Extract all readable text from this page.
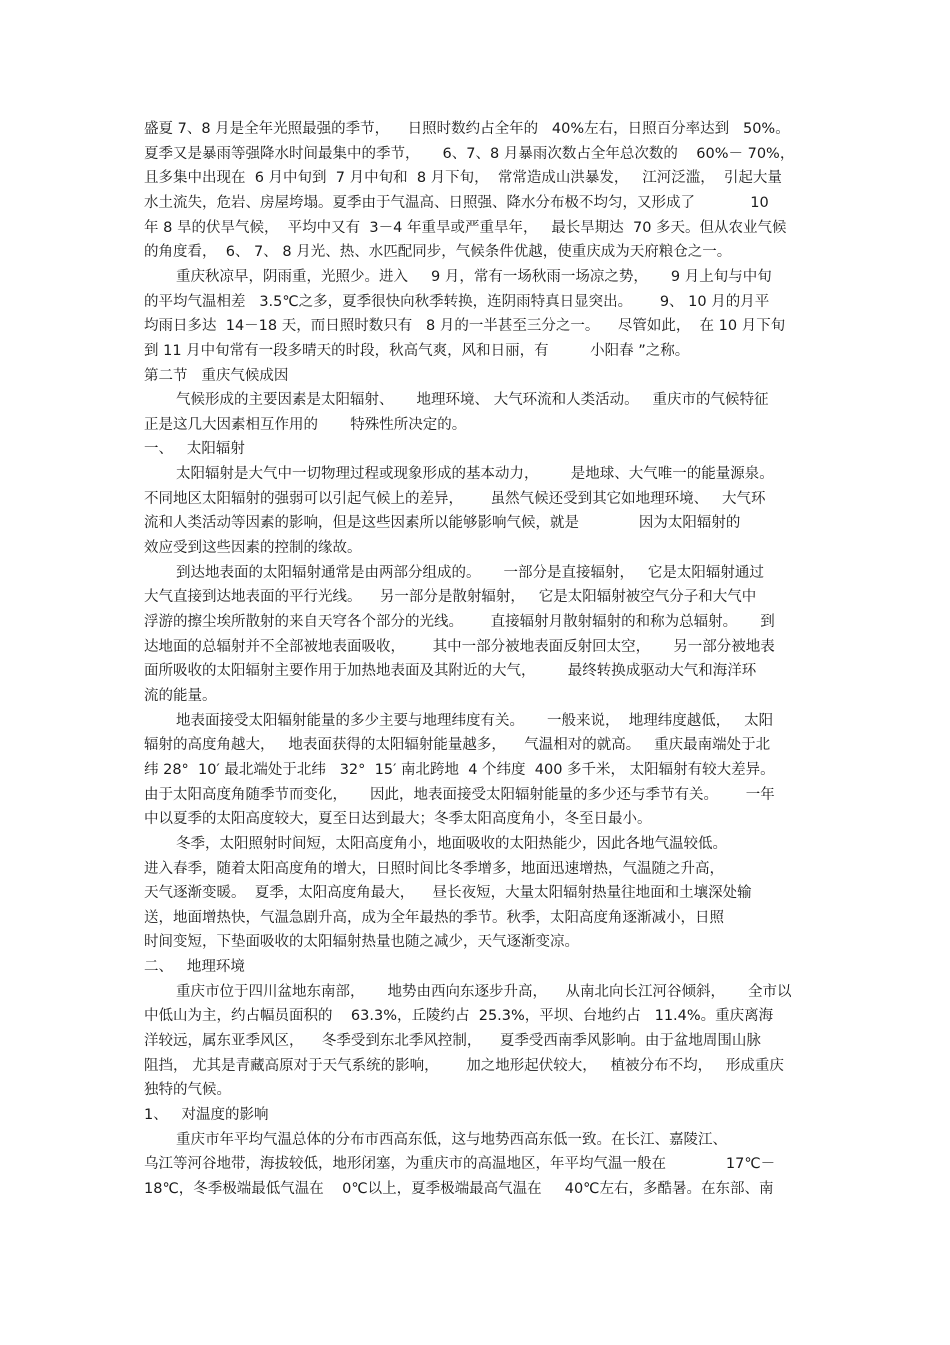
盛夏 7、8 月是全年光照最强的季节，    日照时数约占全年的   40%左右，日照百分率达到   50%。
夏季又是暴雨等强降水时间最集中的季节，     6、7、8 月暴雨次数占全年总次数的    60%－ 70%，
且多集中出现在  6 月中旬到  7 月中旬和  8 月下旬，  常常造成山洪暴发，   江河泛滥，  引起大量
水土流失，危岩、房屋垮塌。夏季由于气温高、日照强、降水分布极不均匀，又形成了            10
年 8 旱的伏旱气候，  平均中又有  3－4 年重旱或严重旱年，   最长旱期达  70 多天。但从农业气候
的角度看，  6、 7、 8 月光、热、水匹配同步，气候条件优越，使重庆成为天府粮仓之一。
重庆秋凉早，阴雨重，光照少。进入     9 月，常有一场秋雨一场凉之势，     9 月上旬与中旬
的平均气温相差   3.5℃之多，夏季很快向秋季转换，连阴雨特真日显突出。      9、 10 月的月平
均雨日多达  14－18 天，而日照时数只有   8 月的一半甚至三分之一。    尽管如此，  在 10 月下旬
到 11 月中旬常有一段多晴天的时段，秋高气爽，风和日丽，有         小阳春 ”之称。
第二节   重庆气候成因
气候形成的主要因素是太阳辐射、     地理环境、 大气环流和人类活动。   重庆市的气候特征
正是这几大因素相互作用的       特殊性所决定的。
一、   太阳辐射
太阳辐射是大气中一切物理过程或现象形成的基本动力，       是地球、大气唯一的能量源泉。
不同地区太阳辐射的强弱可以引起气候上的差异，      虽然气候还受到其它如地理环境、   大气环
流和人类活动等因素的影响，但是这些因素所以能够影响气候，就是             因为太阳辐射的
效应受到这些因素的控制的缘故。
到达地表面的太阳辐射通常是由两部分组成的。     一部分是直接辐射，   它是太阳辐射通过
大气直接到达地表面的平行光线。    另一部分是散射辐射，   它是太阳辐射被空气分子和大气中
浮游的擦尘埃所散射的来自天穹各个部分的光线。      直接辐射月散射辐射的和称为总辐射。     到
达地面的总辐射并不全部被地表面吸收，      其中一部分被地表面反射回太空，     另一部分被地表
面所吸收的太阳辐射主要作用于加热地表面及其附近的大气，       最终转换成驱动大气和海洋环
流的能量。
地表面接受太阳辐射能量的多少主要与地理纬度有关。     一般来说，  地理纬度越低，   太阳
辐射的高度角越大，   地表面获得的太阳辐射能量越多，    气温相对的就高。   重庆最南端处于北
纬 28°  10′ 最北端处于北纬   32°  15′ 南北跨地  4 个纬度  400 多千米， 太阳辐射有较大差异。
由于太阳高度角随季节而变化，     因此，地表面接受太阳辐射能量的多少还与季节有关。      一年
中以夏季的太阳高度较大，夏至日达到最大；冬季太阳高度角小，冬至日最小。
冬季，太阳照射时间短，太阳高度角小，地面吸收的太阳热能少，因此各地气温较低。
进入春季，随着太阳高度角的增大，日照时间比冬季增多，地面迅速增热，气温随之升高，
天气逐渐变暖。  夏季，太阳高度角最大，    昼长夜短，大量太阳辐射热量往地面和土壤深处输
送，地面增热快，气温急剧升高，成为全年最热的季节。秋季，太阳高度角逐渐减小，日照
时间变短，下垫面吸收的太阳辐射热量也随之减少，天气逐渐变凉。
二、   地理环境
重庆市位于四川盆地东南部，     地势由西向东逐步升高，    从南北向长江河谷倾斜，     全市以
中低山为主，约占幅员面积的    63.3%，丘陵约占  25.3%，平坝、台地约占   11.4%。重庆离海
洋较远，属东亚季风区，    冬季受到东北季风控制，    夏季受西南季风影响。由于盆地周围山脉
阻挡， 尤其是青藏高原对于天气系统的影响，      加之地形起伏较大，   植被分布不均，   形成重庆
独特的气候。
1、   对温度的影响
重庆市年平均气温总体的分布市西高东低，这与地势西高东低一致。在长江、嘉陵江、
乌江等河谷地带，海拔较低，地形闭塞，为重庆市的高温地区，年平均气温一般在             17℃－
18℃，冬季极端最低气温在    0℃以上，夏季极端最高气温在     40℃左右，多酷暑。在东部、南
